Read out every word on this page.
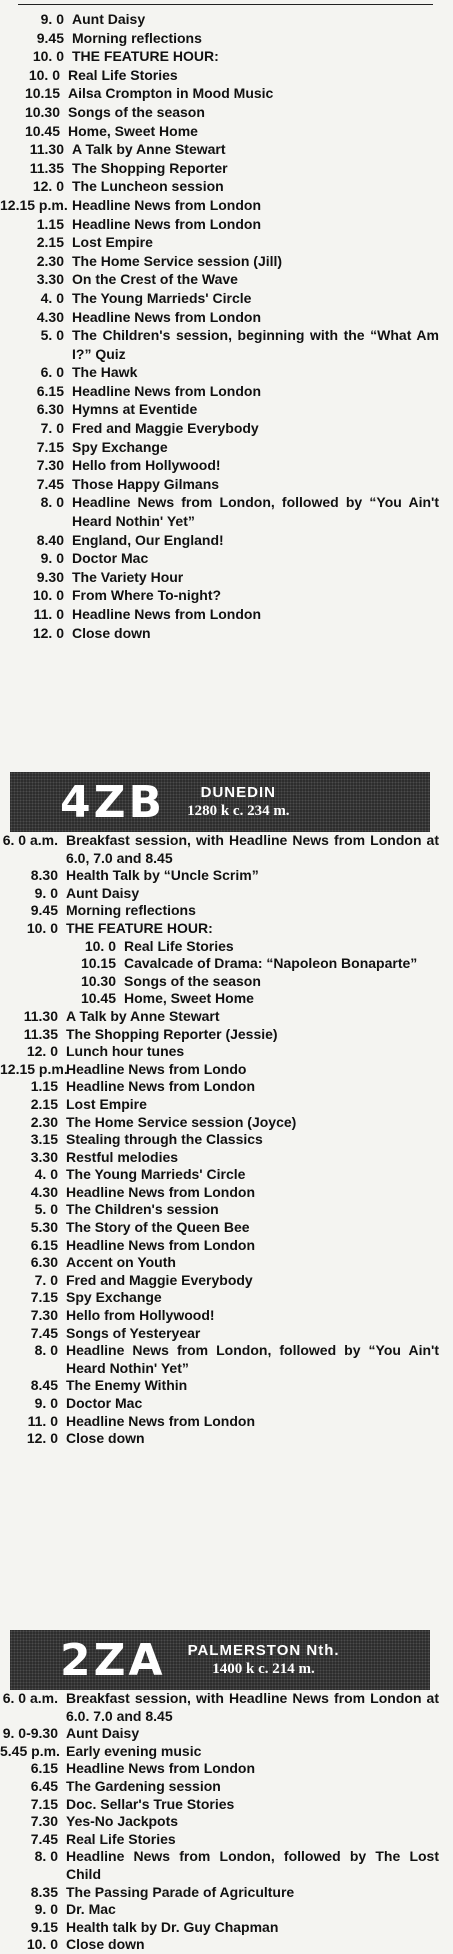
9. 0 Aunt Daisy
9.45 Morning reflections
10. 0 THE FEATURE HOUR:
10. 0 Real Life Stories
10.15 Ailsa Crompton in Mood Music
10.30 Songs of the season
10.45 Home, Sweet Home
11.30 A Talk by Anne Stewart
11.35 The Shopping Reporter
12. 0 The Luncheon session
12.15 p.m. Headline News from London
1.15 Headline News from London
2.15 Lost Empire
2.30 The Home Service session (Jill)
3.30 On the Crest of the Wave
4. 0 The Young Marrieds' Circle
4.30 Headline News from London
5. 0 The Children's session, beginning with the “What Am I?” Quiz
6. 0 The Hawk
6.15 Headline News from London
6.30 Hymns at Eventide
7. 0 Fred and Maggie Everybody
7.15 Spy Exchange
7.30 Hello from Hollywood!
7.45 Those Happy Gilmans
8. 0 Headline News from London, followed by “You Ain't Heard Nothin' Yet”
8.40 England, Our England!
9. 0 Doctor Mac
9.30 The Variety Hour
10. 0 From Where To-night?
11. 0 Headline News from London
12. 0 Close down
4ZB	DUNEDIN
1280 k c. 234 m.
6. 0 a.m. Breakfast session, with Headline News from London at 6.0, 7.0 and 8.45
8.30 Health Talk by “Uncle Scrim”
9. 0 Aunt Daisy
9.45 Morning reflections
10. 0 THE FEATURE HOUR:
10. 0 Real Life Stories
10.15 Cavalcade of Drama: “Napoleon Bonaparte”
10.30 Songs of the season
10.45 Home, Sweet Home
11.30 A Talk by Anne Stewart
11.35 The Shopping Reporter (Jessie)
12. 0 Lunch hour tunes
12.15 p.m.
Headline News from Londo
1.15 Headline News from London
2.15 Lost Empire
2.30 The Home Service session (Joyce)
3.15 Stealing through the Classics
3.30 Restful melodies
4. 0 The Young Marrieds' Circle
4.30 Headline News from London
5. 0 The Children's session
5.30 The Story of the Queen Bee
6.15 Headline News from London
6.30 Accent on Youth
7. 0 Fred and Maggie Everybody
7.15 Spy Exchange
7.30 Hello from Hollywood!
7.45 Songs of Yesteryear
8. 0 Headline News from London, followed by “You Ain't Heard Nothin' Yet”
8.45 The Enemy Within
9. 0 Doctor Mac
11. 0 Headline News from London
12. 0 Close down
2ZA PALMERSTON Nth.
1400 k c. 214 m.
6. 0 a.m. Breakfast session, with Headline News from London at 6.0. 7.0 and 8.45
9. 0-9.30 Aunt Daisy
5.45 p.m. Early evening music
6.15 Headline News from London
6.45 The Gardening session
7.15 Doc. Sellar's True Stories
7.30 Yes-No Jackpots
7.45 Real Life Stories
8. 0 Headline News from London, followed by The Lost Child
8.35 The Passing Parade of Agriculture
9. 0 Dr. Mac
9.15 Health talk by Dr. Guy Chapman
10. 0 Close down
